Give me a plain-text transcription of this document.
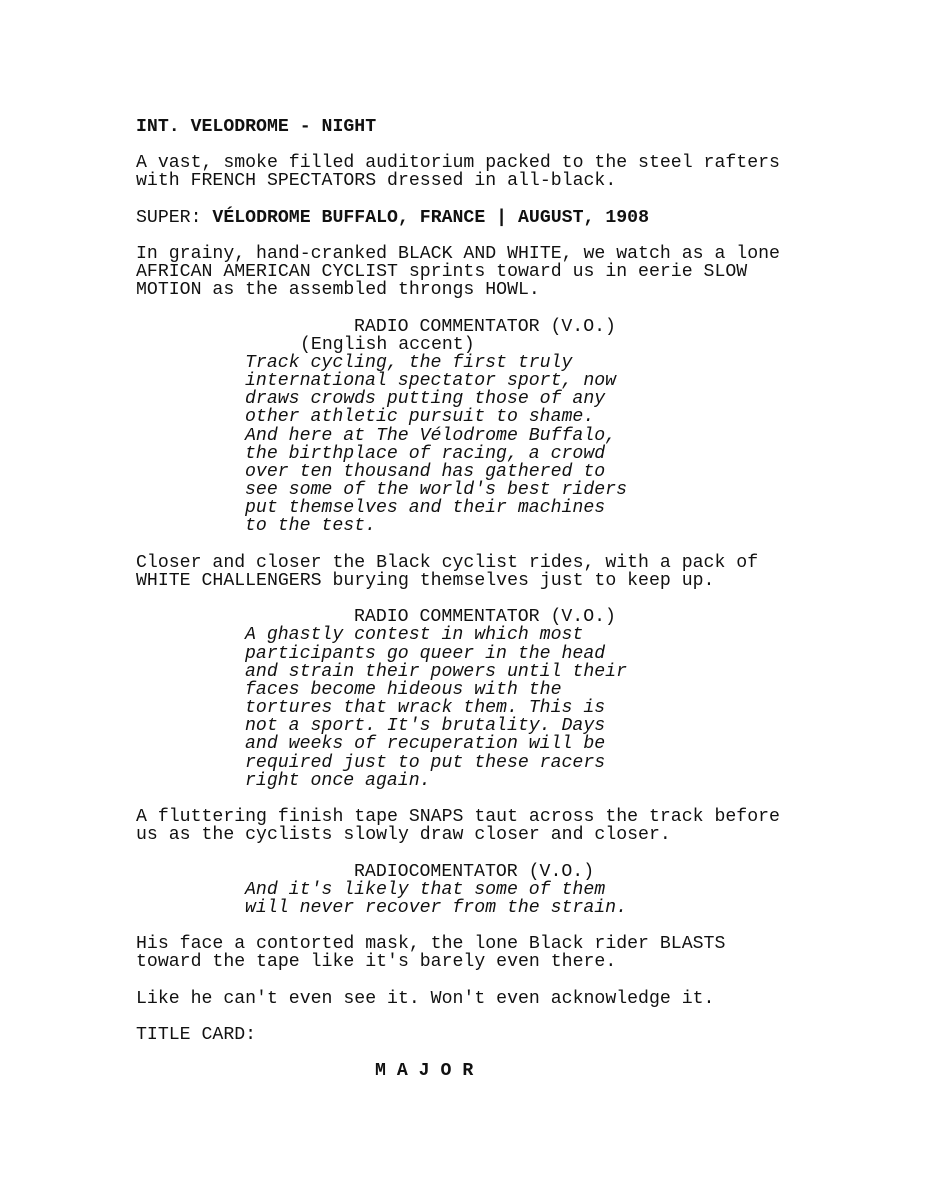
INT. VELODROME - NIGHT
A vast, smoke filled auditorium packed to the steel rafters
with FRENCH SPECTATORS dressed in all-black.
SUPER: VÉLODROME BUFFALO, FRANCE | AUGUST, 1908
In grainy, hand-cranked BLACK AND WHITE, we watch as a lone
AFRICAN AMERICAN CYCLIST sprints toward us in eerie SLOW
MOTION as the assembled throngs HOWL.
RADIO COMMENTATOR (V.O.)
(English accent)
Track cycling, the first truly
international spectator sport, now
draws crowds putting those of any
other athletic pursuit to shame.
And here at The Vélodrome Buffalo,
the birthplace of racing, a crowd
over ten thousand has gathered to
see some of the world's best riders
put themselves and their machines
to the test.
Closer and closer the Black cyclist rides, with a pack of
WHITE CHALLENGERS burying themselves just to keep up.
RADIO COMMENTATOR (V.O.)
A ghastly contest in which most
participants go queer in the head
and strain their powers until their
faces become hideous with the
tortures that wrack them. This is
not a sport. It's brutality. Days
and weeks of recuperation will be
required just to put these racers
right once again.
A fluttering finish tape SNAPS taut across the track before
us as the cyclists slowly draw closer and closer.
RADIOCOMENTATOR (V.O.)
And it's likely that some of them
will never recover from the strain.
His face a contorted mask, the lone Black rider BLASTS
toward the tape like it's barely even there.
Like he can't even see it. Won't even acknowledge it.
TITLE CARD:
M A J O R
